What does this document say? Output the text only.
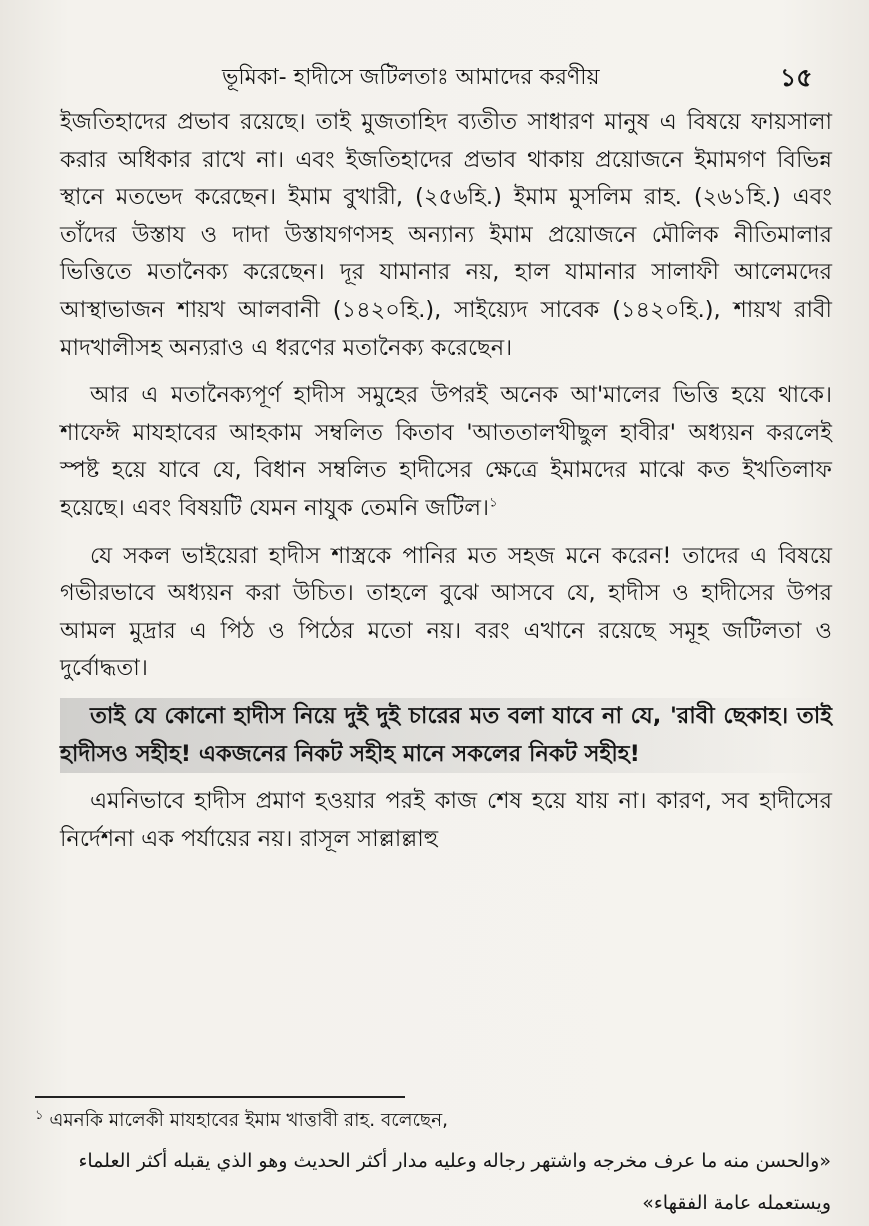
ভূমিকা- হাদীসে জটিলতাঃ আমাদের করণীয়	১৫

ইজতিহাদের প্রভাব রয়েছে। তাই মুজতাহিদ ব্যতীত সাধারণ মানুষ এ বিষয়ে ফায়সালা করার অধিকার রাখে না। এবং ইজতিহাদের প্রভাব থাকায় প্রয়োজনে ইমামগণ বিভিন্ন স্থানে মতভেদ করেছেন। ইমাম বুখারী, (২৫৬হি.) ইমাম মুসলিম রাহ. (২৬১হি.) এবং তাঁদের উস্তায ও দাদা উস্তাযগণসহ অন্যান্য ইমাম প্রয়োজনে মৌলিক নীতিমালার ভিত্তিতে মতানৈক্য করেছেন। দূর যামানার নয়, হাল যামানার সালাফী আলেমদের আস্থাভাজন শায়খ আলবানী (১৪২০হি.), সাইয়্যেদ সাবেক (১৪২০হি.), শায়খ রাবী মাদখালীসহ অন্যরাও এ ধরণের মতানৈক্য করেছেন।

আর এ মতানৈক্যপূর্ণ হাদীস সমুহের উপরই অনেক আ'মালের ভিত্তি হয়ে থাকে। শাফেঈ মাযহাবের আহকাম সম্বলিত কিতাব 'আততালখীছুল হাবীর' অধ্যয়ন করলেই স্পষ্ট হয়ে যাবে যে, বিধান সম্বলিত হাদীসের ক্ষেত্রে ইমামদের মাঝে কত ইখতিলাফ হয়েছে। এবং বিষয়টি যেমন নাযুক তেমনি জটিল।$^১$

যে সকল ভাইয়েরা হাদীস শাস্ত্রকে পানির মত সহজ মনে করেন! তাদের এ বিষয়ে গভীরভাবে অধ্যয়ন করা উচিত। তাহলে বুঝে আসবে যে, হাদীস ও হাদীসের উপর আমল মুদ্রার এ পিঠ ও পিঠের মতো নয়। বরং এখানে রয়েছে সমূহ জটিলতা ও দুর্বোদ্ধতা।

তাই যে কোনো হাদীস নিয়ে দুই দুই চারের মত বলা যাবে না যে, 'রাবী ছেকাহ। তাই হাদীসও সহীহ! একজনের নিকট সহীহ মানে সকলের নিকট সহীহ!

এমনিভাবে হাদীস প্রমাণ হওয়ার পরই কাজ শেষ হয়ে যায় না। কারণ, সব হাদীসের নির্দেশনা এক পর্যায়ের নয়। রাসূল সাল্লাল্লাহু

$^১$ এমনকি মালেকী মাযহাবের ইমাম খাত্তাবী রাহ. বলেছেন,
«والحسن منه ما عرف مخرجه واشتهر رجاله وعليه مدار أكثر الحديث وهو الذي يقبله أكثر العلماء
ويستعمله عامة الفقهاء»
